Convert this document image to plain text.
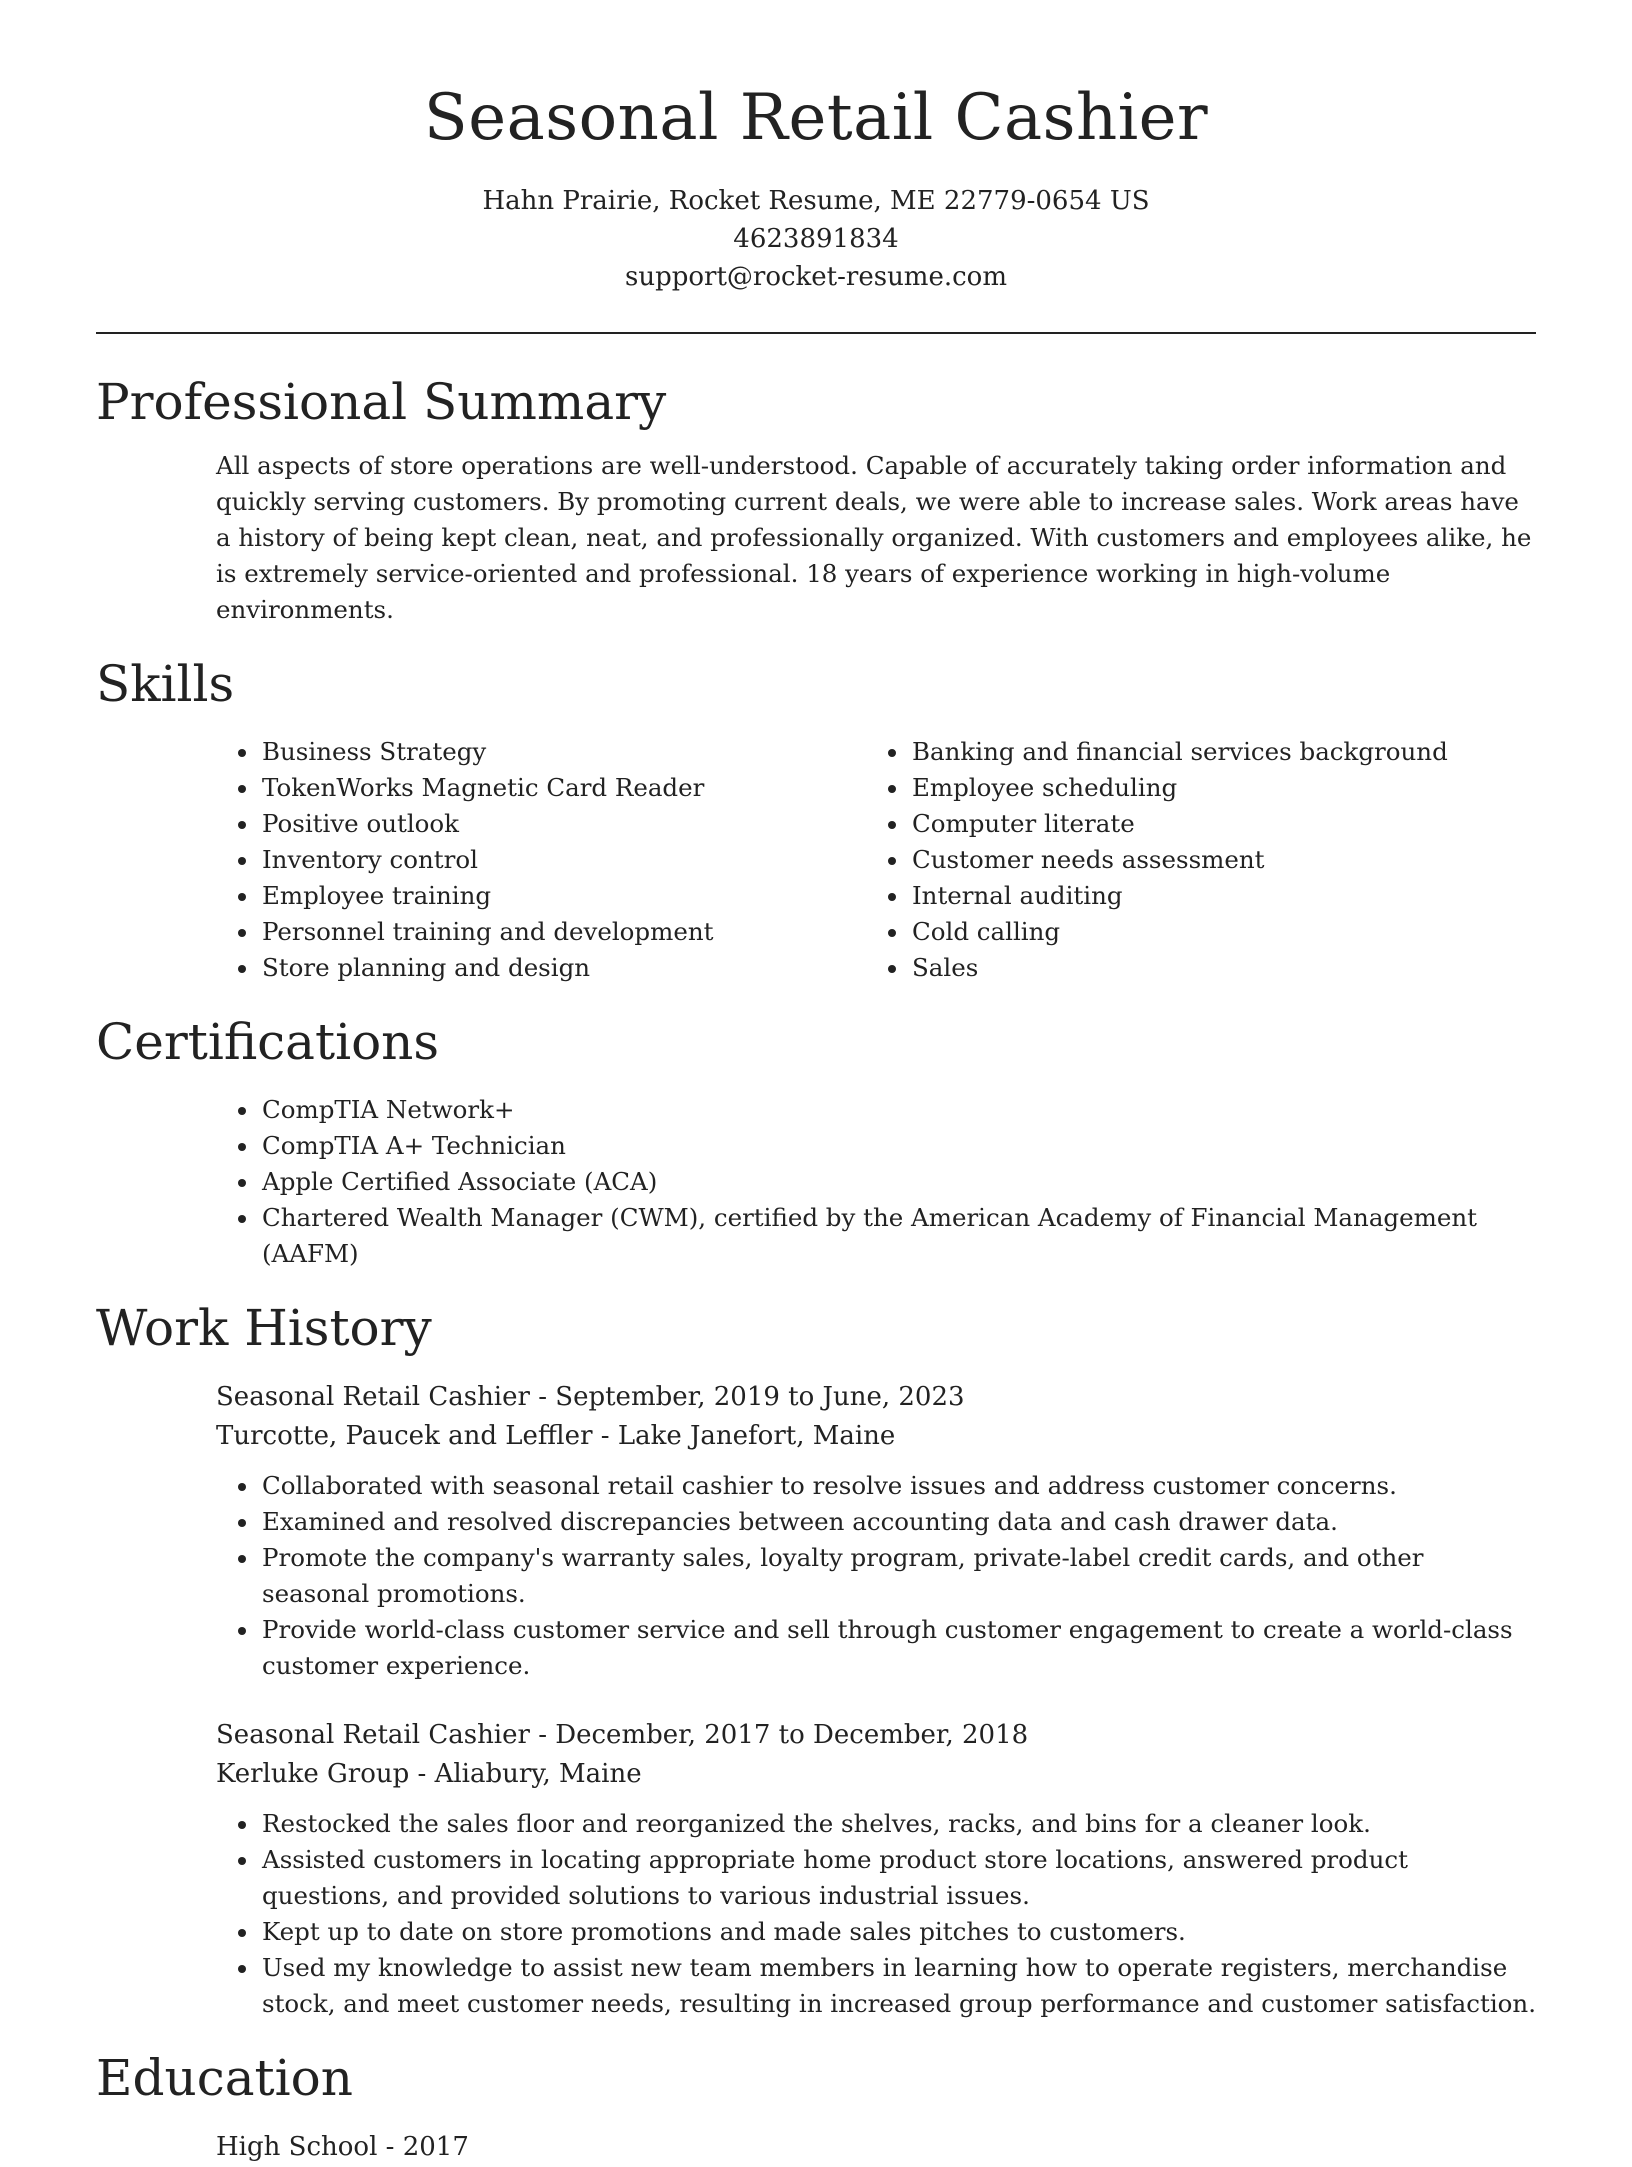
Seasonal Retail Cashier
Hahn Prairie, Rocket Resume, ME 22779-0654 US
4623891834
support@rocket-resume.com
Professional Summary

All aspects of store operations are well-understood. Capable of accurately taking order information and quickly serving customers. By promoting current deals, we were able to increase sales. Work areas have a history of being kept clean, neat, and professionally organized. With customers and employees alike, he is extremely service-oriented and professional. 18 years of experience working in high-volume environments.

Skills
• Business Strategy
• TokenWorks Magnetic Card Reader
• Positive outlook
• Inventory control
• Employee training
• Personnel training and development
• Store planning and design
• Banking and financial services background
• Employee scheduling
• Computer literate
• Customer needs assessment
• Internal auditing
• Cold calling
• Sales
Certifications
• CompTIA Network+
• CompTIA A+ Technician
• Apple Certified Associate (ACA)
• Chartered Wealth Manager (CWM), certified by the American Academy of Financial Management (AAFM)
Work History
Seasonal Retail Cashier - September, 2019 to June, 2023
Turcotte, Paucek and Leffler - Lake Janefort, Maine
• Collaborated with seasonal retail cashier to resolve issues and address customer concerns.
• Examined and resolved discrepancies between accounting data and cash drawer data.
• Promote the company's warranty sales, loyalty program, private-label credit cards, and other seasonal promotions.
• Provide world-class customer service and sell through customer engagement to create a world-class customer experience.
Seasonal Retail Cashier - December, 2017 to December, 2018
Kerluke Group - Aliabury, Maine
• Restocked the sales floor and reorganized the shelves, racks, and bins for a cleaner look.
• Assisted customers in locating appropriate home product store locations, answered product questions, and provided solutions to various industrial issues.
• Kept up to date on store promotions and made sales pitches to customers.
• Used my knowledge to assist new team members in learning how to operate registers, merchandise stock, and meet customer needs, resulting in increased group performance and customer satisfaction.
Education
High School - 2017
